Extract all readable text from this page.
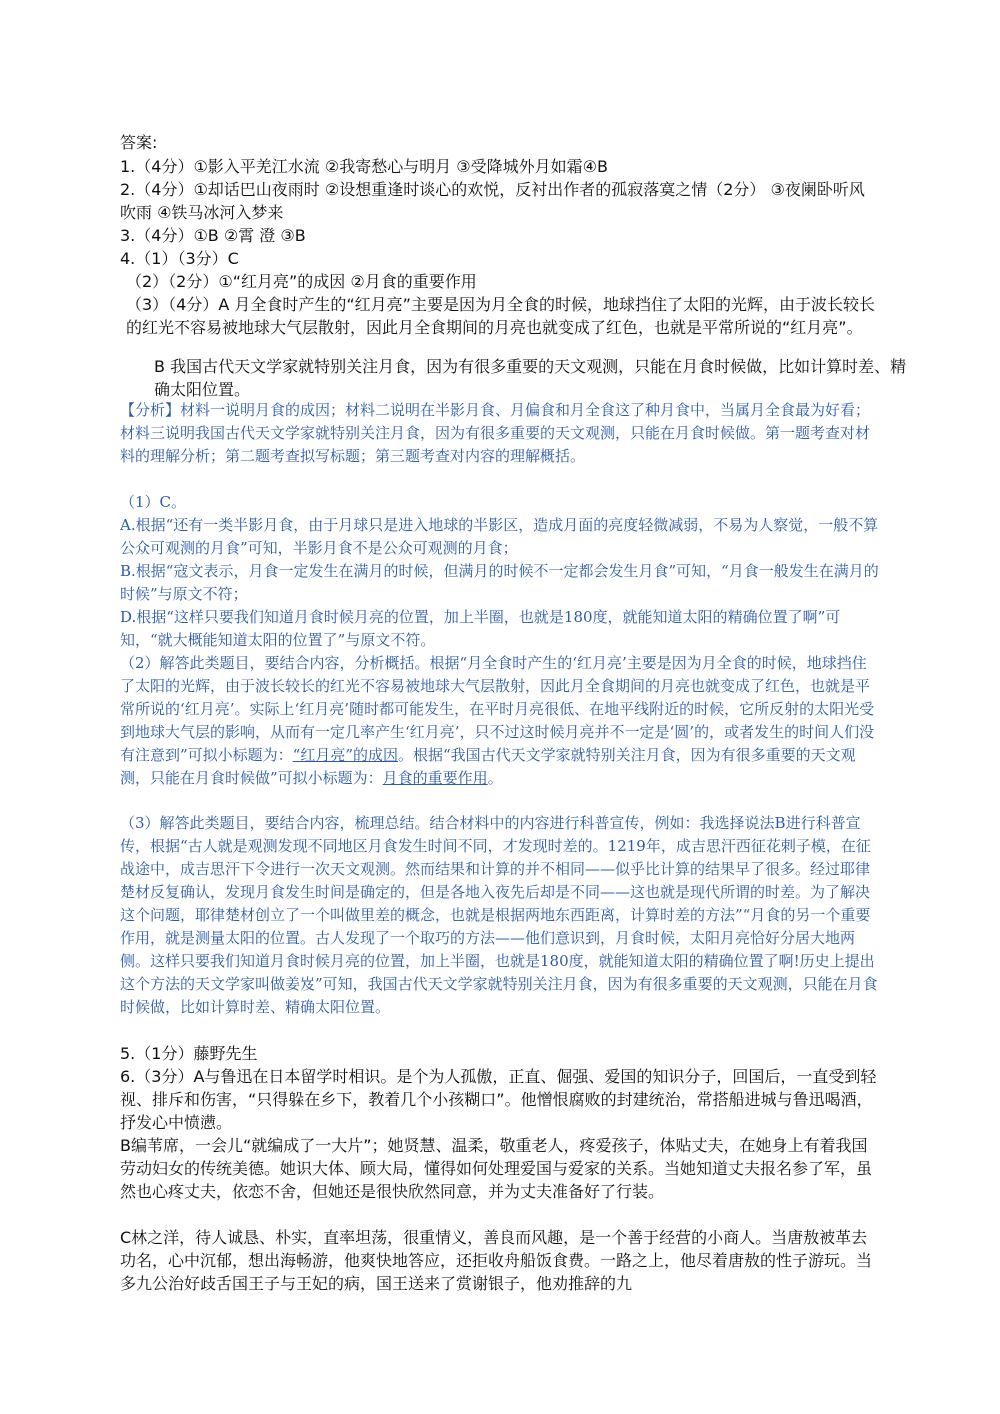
答案:

1.（4分）①影入平羌江水流 ②我寄愁心与明月 ③受降城外月如霜④B

2.（4分）①却话巴山夜雨时 ②设想重逢时谈心的欢悦，反衬出作者的孤寂落寞之情（2分） ③夜阑卧听风吹雨 ④铁马冰河入梦来

3.（4分）①B ②霄 澄 ③B

4.（1）（3分）C

（2）（2分）①“红月亮”的成因 ②月食的重要作用

（3）（4分）A 月全食时产生的“红月亮”主要是因为月全食的时候，地球挡住了太阳的光辉，由于波长较长的红光不容易被地球大气层散射，因此月全食期间的月亮也就变成了红色，也就是平常所说的“红月亮”。

B 我国古代天文学家就特别关注月食，因为有很多重要的天文观测，只能在月食时候做，比如计算时差、精确太阳位置。

【分析】材料一说明月食的成因；材料二说明在半影月食、月偏食和月全食这了种月食中，当属月全食最为好看；材料三说明我国古代天文学家就特别关注月食，因为有很多重要的天文观测，只能在月食时候做。第一题考查对材料的理解分析；第二题考查拟写标题；第三题考查对内容的理解概括。

（1）C。

A.根据“还有一类半影月食，由于月球只是进入地球的半影区，造成月面的亮度轻微减弱，不易为人察觉，一般不算公众可观测的月食”可知，半影月食不是公众可观测的月食；

B.根据“寇文表示，月食一定发生在满月的时候，但满月的时候不一定都会发生月食”可知，“月食一般发生在满月的时候”与原文不符；

D.根据“这样只要我们知道月食时候月亮的位置，加上半圈，也就是180度，就能知道太阳的精确位置了啊”可知，“就大概能知道太阳的位置了”与原文不符。

（2）解答此类题目，要结合内容，分析概括。根据“月全食时产生的‘红月亮’主要是因为月全食的时候，地球挡住了太阳的光辉，由于波长较长的红光不容易被地球大气层散射，因此月全食期间的月亮也就变成了红色，也就是平常所说的‘红月亮’。实际上‘红月亮’随时都可能发生，在平时月亮很低、在地平线附近的时候，它所反射的太阳光受到地球大气层的影响，从而有一定几率产生‘红月亮’，只不过这时候月亮并不一定是‘圆’的，或者发生的时间人们没有注意到”可拟小标题为：“红月亮”的成因。根据“我国古代天文学家就特别关注月食，因为有很多重要的天文观测，只能在月食时候做”可拟小标题为：月食的重要作用。

（3）解答此类题目，要结合内容，梳理总结。结合材料中的内容进行科普宣传，例如：我选择说法B进行科普宣传，根据“古人就是观测发现不同地区月食发生时间不同，才发现时差的。1219年，成吉思汗西征花剌子模，在征战途中，成吉思汗下令进行一次天文观测。然而结果和计算的并不相同——似乎比计算的结果早了很多。经过耶律楚材反复确认，发现月食发生时间是确定的，但是各地入夜先后却是不同——这也就是现代所谓的时差。为了解决这个问题，耶律楚材创立了一个叫做里差的概念，也就是根据两地东西距离，计算时差的方法”“月食的另一个重要作用，就是测量太阳的位置。古人发现了一个取巧的方法——他们意识到，月食时候，太阳月亮恰好分居大地两侧。这样只要我们知道月食时候月亮的位置，加上半圈，也就是180度，就能知道太阳的精确位置了啊!历史上提出这个方法的天文学家叫做姜岌”可知，我国古代天文学家就特别关注月食，因为有很多重要的天文观测，只能在月食时候做，比如计算时差、精确太阳位置。

5.（1分）藤野先生

6.（3分）A与鲁迅在日本留学时相识。是个为人孤傲，正直、倔强、爱国的知识分子，回国后，一直受到轻视、排斥和伤害，“只得躲在乡下，教着几个小孩糊口”。他憎恨腐败的封建统治，常搭船进城与鲁迅喝酒，抒发心中愤懑。

B编苇席，一会儿“就编成了一大片”；她贤慧、温柔，敬重老人，疼爱孩子，体贴丈夫，在她身上有着我国劳动妇女的传统美德。她识大体、顾大局，懂得如何处理爱国与爱家的关系。当她知道丈夫报名参了军，虽然也心疼丈夫，依恋不舍，但她还是很快欣然同意，并为丈夫准备好了行装。

C林之洋，待人诚恳、朴实，直率坦荡，很重情义，善良而风趣，是一个善于经营的小商人。当唐敖被革去功名，心中沉郁，想出海畅游，他爽快地答应，还拒收舟船饭食费。一路之上，他尽着唐敖的性子游玩。当多九公治好歧舌国王子与王妃的病，国王送来了赏谢银子，他劝推辞的九
